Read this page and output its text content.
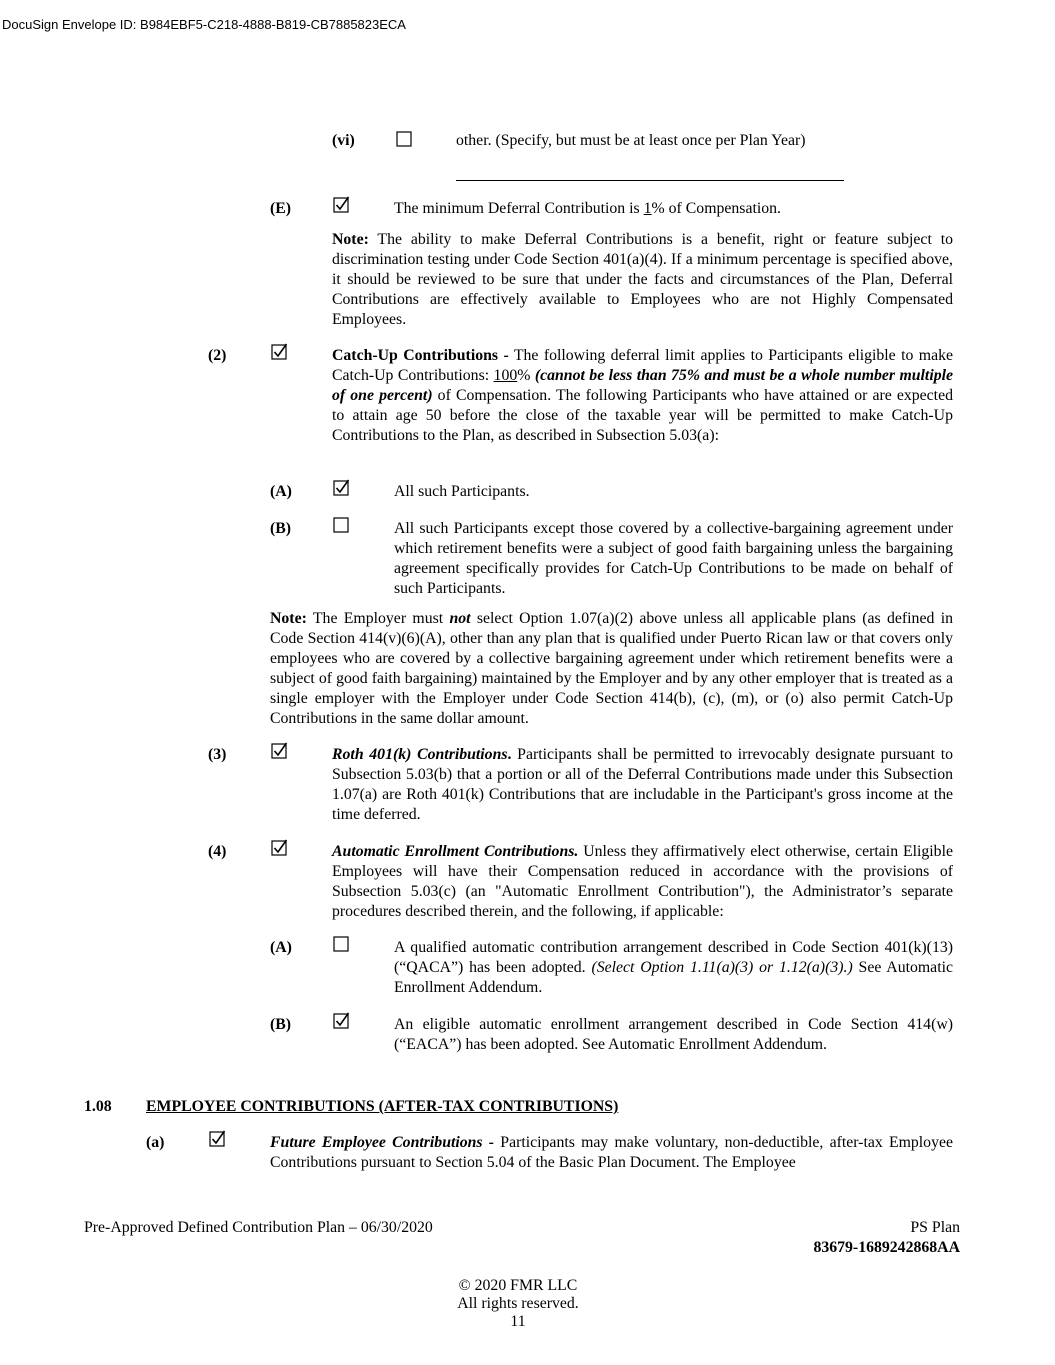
DocuSign Envelope ID: B984EBF5-C218-4888-B819-CB7885823ECA
(vi)	other. (Specify, but must be at least once per Plan Year)
(E)	The minimum Deferral Contribution is 1% of Compensation.
Note: The ability to make Deferral Contributions is a benefit, right or feature subject to discrimination testing under Code Section 401(a)(4). If a minimum percentage is specified above, it should be reviewed to be sure that under the facts and circumstances of the Plan, Deferral Contributions are effectively available to Employees who are not Highly Compensated Employees.
(2)	Catch-Up Contributions - The following deferral limit applies to Participants eligible to make Catch-Up Contributions: 100% (cannot be less than 75% and must be a whole number multiple of one percent) of Compensation. The following Participants who have attained or are expected to attain age 50 before the close of the taxable year will be permitted to make Catch-Up Contributions to the Plan, as described in Subsection 5.03(a):
(A)	All such Participants.
(B)	All such Participants except those covered by a collective-bargaining agreement under which retirement benefits were a subject of good faith bargaining unless the bargaining agreement specifically provides for Catch-Up Contributions to be made on behalf of such Participants.
Note: The Employer must not select Option 1.07(a)(2) above unless all applicable plans (as defined in Code Section 414(v)(6)(A), other than any plan that is qualified under Puerto Rican law or that covers only employees who are covered by a collective bargaining agreement under which retirement benefits were a subject of good faith bargaining) maintained by the Employer and by any other employer that is treated as a single employer with the Employer under Code Section 414(b), (c), (m), or (o) also permit Catch-Up Contributions in the same dollar amount.
(3)	Roth 401(k) Contributions. Participants shall be permitted to irrevocably designate pursuant to Subsection 5.03(b) that a portion or all of the Deferral Contributions made under this Subsection 1.07(a) are Roth 401(k) Contributions that are includable in the Participant's gross income at the time deferred.
(4)	Automatic Enrollment Contributions. Unless they affirmatively elect otherwise, certain Eligible Employees will have their Compensation reduced in accordance with the provisions of Subsection 5.03(c) (an "Automatic Enrollment Contribution"), the Administrator’s separate procedures described therein, and the following, if applicable:
(A)	A qualified automatic contribution arrangement described in Code Section 401(k)(13) (“QACA”) has been adopted. (Select Option 1.11(a)(3) or 1.12(a)(3).) See Automatic Enrollment Addendum.
(B)	An eligible automatic enrollment arrangement described in Code Section 414(w) (“EACA”) has been adopted. See Automatic Enrollment Addendum.
1.08 EMPLOYEE CONTRIBUTIONS (AFTER-TAX CONTRIBUTIONS)
(a)	Future Employee Contributions - Participants may make voluntary, non-deductible, after-tax Employee Contributions pursuant to Section 5.04 of the Basic Plan Document. The Employee
Pre-Approved Defined Contribution Plan – 06/30/2020	PS Plan
83679-1689242868AA
© 2020 FMR LLC
All rights reserved.
11
